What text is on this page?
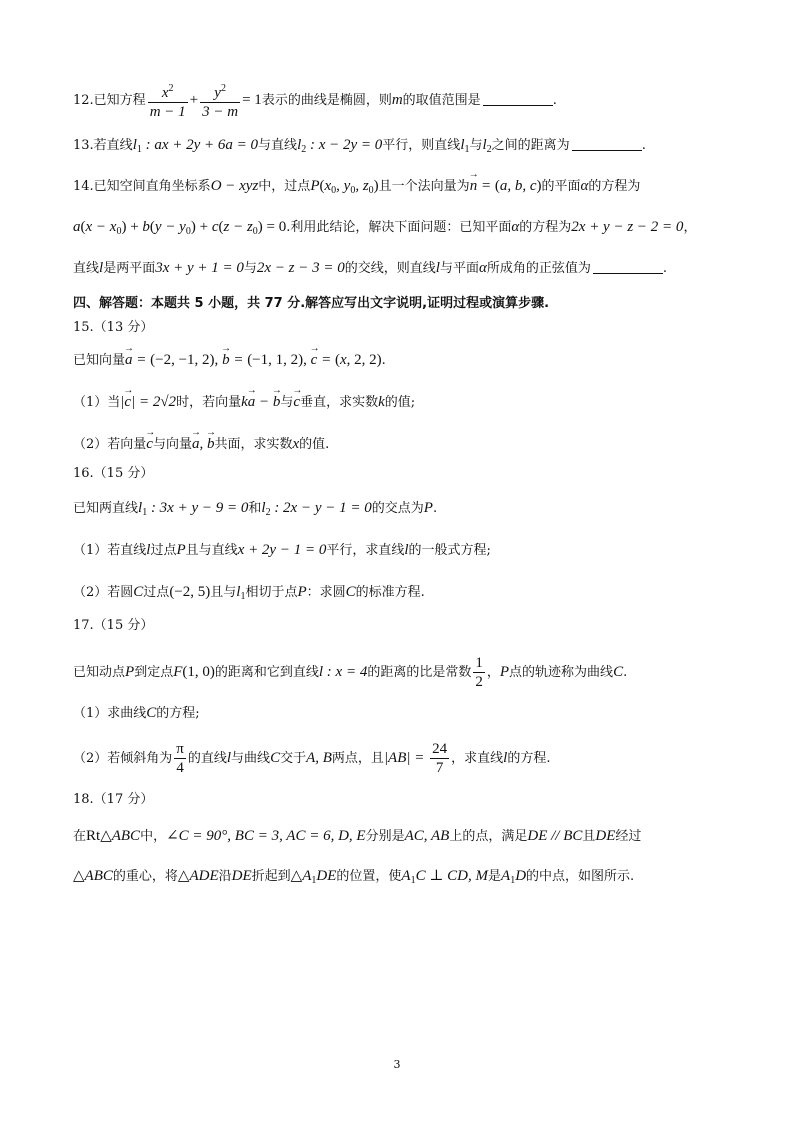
12.已知方程 $\frac{x^2}{m - 1} + \frac{y^2}{3 - m} = 1$表示的曲线是椭圆，则m的取值范围是	.
13.若直线$l_1$ : ax + 2y + 6a = 0与直线$l_2$ : x − 2y = 0平行，则直线$l_1$与$l_2$之间的距离为	.
14.已知空间直角坐标系O − xyz中，过点$P(x_0$, $y_0$, $z_0$)且一个法向量为→ n = (a, b, c)的平面α的方程为
$a(x - x_0) + b(y - y_0) + c(z - z_0) = 0$.利用此结论，解决下面问题：已知平面α的方程为2x + y − z − 2 = 0，
直线l是两平面3x + y + 1 = 0与2x − z − 3 = 0的交线，则直线l与平面α所成角的正弦值为	.
四、解答题：本题共 5 小题，共 77 分.解答应写出文字说明,证明过程或演算步骤.
15.（13 分）
已知向量→ a = (−2, −1, 2), → b = (−1, 1, 2), → c = (x, 2, 2).
（1）当|→ c| = 2√2时，若向量k→ a − → b与→ c垂直，求实数k的值;
（2）若向量→ c与向量→ a, → b共面，求实数x的值.
16.（15 分）
已知两直线$l_1$ : 3x + y − 9 = 0和$l_2$ : 2x − y − 1 = 0的交点为P.
（1）若直线l过点P且与直线x + 2y − 1 = 0平行，求直线l的一般式方程;
（2）若圆C过点(−2, 5)且与$l_1$相切于点P：求圆C的标准方程.
17.（15 分）
已知动点P到定点F(1, 0)的距离和它到直线l : x = 4的距离的比是常数 $\frac{1}{2}$ ，P点的轨迹称为曲线C.
（1）求曲线C的方程;
（2）若倾斜角为 $\frac{\pi}{4}$ 的直线l与曲线C交于A, B两点，且$|AB| = \frac{24}{7}$ ，求直线l的方程.
18.（17 分）
在Rt△ABC中，∠C = 90°, BC = 3, AC = 6, D, E分别是AC, AB上的点，满足DE // BC且DE经过
△ABC的重心，将△ADE沿DE折起到$\triangle A_1DE$的位置，使$A_1C$ ⊥ CD, M是$A_1D$的中点，如图所示.
3
